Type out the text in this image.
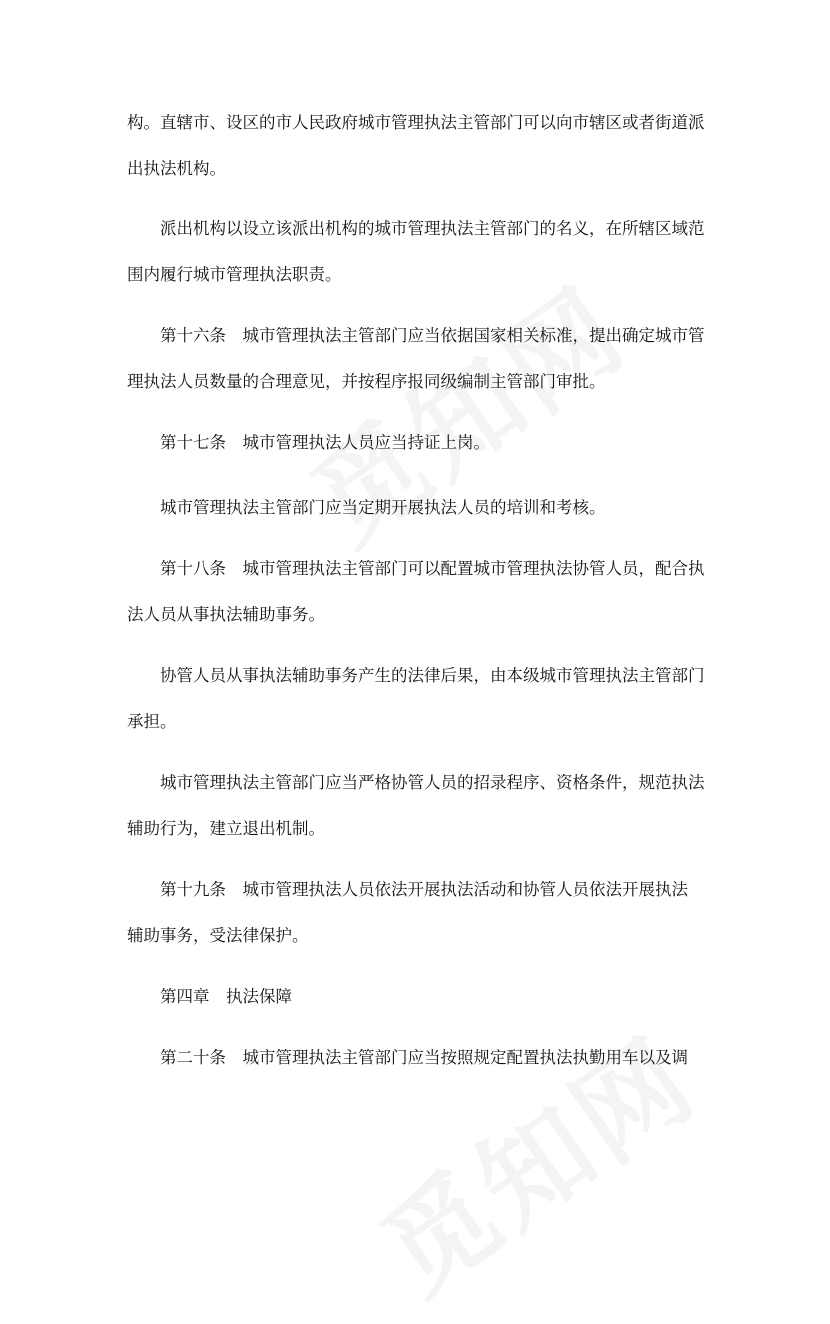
构。直辖市、设区的市人民政府城市管理执法主管部门可以向市辖区或者街道派
出执法机构。
派出机构以设立该派出机构的城市管理执法主管部门的名义，在所辖区域范
围内履行城市管理执法职责。
第十六条　城市管理执法主管部门应当依据国家相关标准，提出确定城市管
理执法人员数量的合理意见，并按程序报同级编制主管部门审批。
第十七条　城市管理执法人员应当持证上岗。
城市管理执法主管部门应当定期开展执法人员的培训和考核。
第十八条　城市管理执法主管部门可以配置城市管理执法协管人员，配合执
法人员从事执法辅助事务。
协管人员从事执法辅助事务产生的法律后果，由本级城市管理执法主管部门
承担。
城市管理执法主管部门应当严格协管人员的招录程序、资格条件，规范执法
辅助行为，建立退出机制。
第十九条　城市管理执法人员依法开展执法活动和协管人员依法开展执法
辅助事务，受法律保护。
第四章　执法保障
第二十条　城市管理执法主管部门应当按照规定配置执法执勤用车以及调
